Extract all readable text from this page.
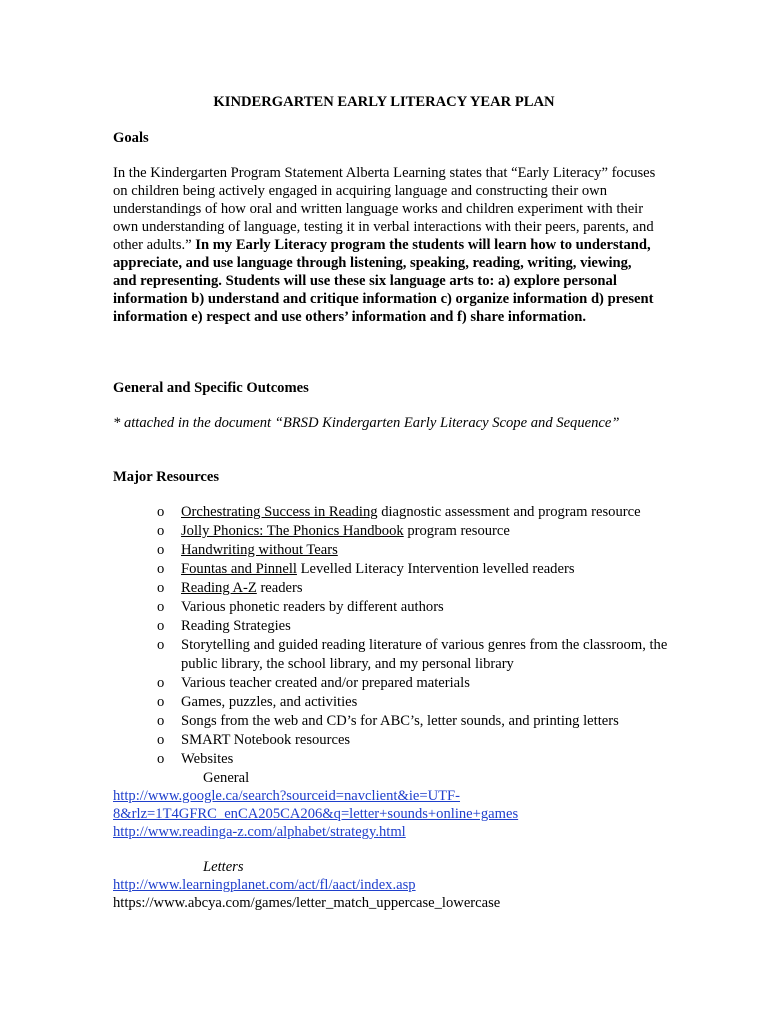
KINDERGARTEN EARLY LITERACY YEAR PLAN
Goals
In the Kindergarten Program Statement Alberta Learning states that “Early Literacy” focuses on children being actively engaged in acquiring language and constructing their own understandings of how oral and written language works and children experiment with their own understanding of language, testing it in verbal interactions with their peers, parents, and other adults.” In my Early Literacy program the students will learn how to understand, appreciate, and use language through listening, speaking, reading, writing, viewing, and representing. Students will use these six language arts to: a) explore personal information b) understand and critique information c) organize information d) present information e) respect and use others’ information and f) share information.
General and Specific Outcomes
* attached in the document “BRSD Kindergarten Early Literacy Scope and Sequence”
Major Resources
o Orchestrating Success in Reading diagnostic assessment and program resource
o Jolly Phonics: The Phonics Handbook program resource
o Handwriting without Tears
o Fountas and Pinnell Levelled Literacy Intervention levelled readers
o Reading A-Z readers
o Various phonetic readers by different authors
o Reading Strategies
o Storytelling and guided reading literature of various genres from the classroom, the public library, the school library, and my personal library
o Various teacher created and/or prepared materials
o Games, puzzles, and activities
o Songs from the web and CD’s for ABC’s, letter sounds, and printing letters
o SMART Notebook resources
o Websites
General
http://www.google.ca/search?sourceid=navclient&ie=UTF-
8&rlz=1T4GFRC_enCA205CA206&q=letter+sounds+online+games
http://www.readinga-z.com/alphabet/strategy.html
Letters
http://www.learningplanet.com/act/fl/aact/index.asp
https://www.abcya.com/games/letter_match_uppercase_lowercase
